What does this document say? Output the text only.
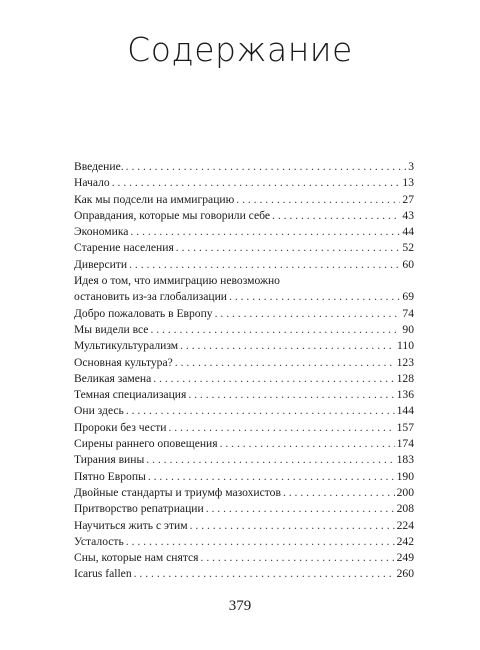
Содержание
Введение. . . .	3
Начало . . .	13
Как мы подсели на иммиграцию . . .	27
Оправдания, которые мы говорили себе . . .	43
Экономика . . .	44
Старение населения . . .	52
Диверсити . . .	60
Идея о том, что иммиграцию невозможно
остановить из-за глобализации . . .	69
Добро пожаловать в Европу . . .	74
Мы видели все . . .	90
Мультикультурализм . . .	110
Основная культура? . . .	123
Великая замена . . .	128
Темная специализация . . .	136
Они здесь . . .	144
Пророки без чести . . .	157
Сирены раннего оповещения . . .	174
Тирания вины . . .	183
Пятно Европы . . .	190
Двойные стандарты и триумф мазохистов . . .	200
Притворство репатриации . . .	208
Научиться жить с этим . . .	224
Усталость . . .	242
Сны, которые нам снятся . . .	249
Icarus fallen . . .	260
379
